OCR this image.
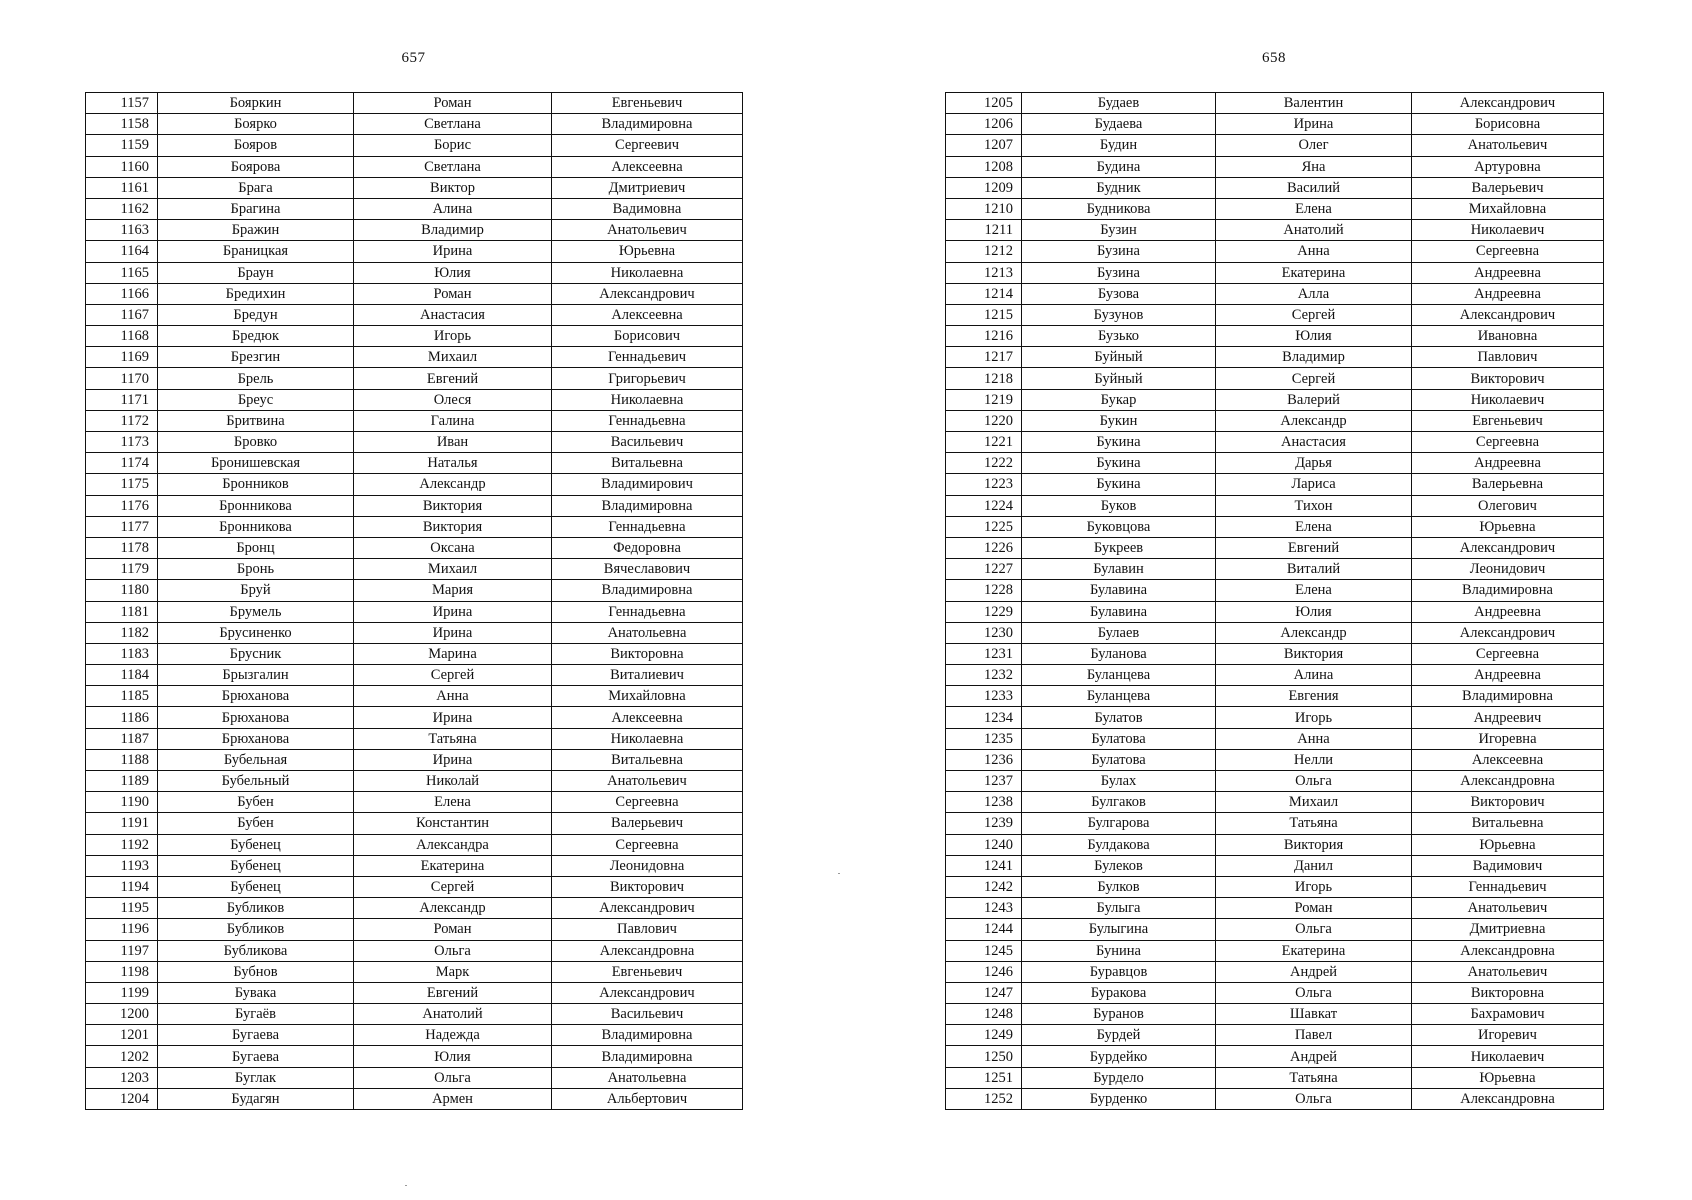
657
1157	Бояркин	Роман	Евгеньевич
1158	Боярко	Светлана	Владимировна
1159	Бояров	Борис	Сергеевич
1160	Боярова	Светлана	Алексеевна
1161	Брага	Виктор	Дмитриевич
1162	Брагина	Алина	Вадимовна
1163	Бражин	Владимир	Анатольевич
1164	Браницкая	Ирина	Юрьевна
1165	Браун	Юлия	Николаевна
1166	Бредихин	Роман	Александрович
1167	Бредун	Анастасия	Алексеевна
1168	Бредюк	Игорь	Борисович
1169	Брезгин	Михаил	Геннадьевич
1170	Брель	Евгений	Григорьевич
1171	Бреус	Олеся	Николаевна
1172	Бритвина	Галина	Геннадьевна
1173	Бровко	Иван	Васильевич
1174	Бронишевская	Наталья	Витальевна
1175	Бронников	Александр	Владимирович
1176	Бронникова	Виктория	Владимировна
1177	Бронникова	Виктория	Геннадьевна
1178	Бронц	Оксана	Федоровна
1179	Бронь	Михаил	Вячеславович
1180	Бруй	Мария	Владимировна
1181	Брумель	Ирина	Геннадьевна
1182	Брусиненко	Ирина	Анатольевна
1183	Брусник	Марина	Викторовна
1184	Брызгалин	Сергей	Виталиевич
1185	Брюханова	Анна	Михайловна
1186	Брюханова	Ирина	Алексеевна
1187	Брюханова	Татьяна	Николаевна
1188	Бубельная	Ирина	Витальевна
1189	Бубельный	Николай	Анатольевич
1190	Бубен	Елена	Сергеевна
1191	Бубен	Константин	Валерьевич
1192	Бубенец	Александра	Сергеевна
1193	Бубенец	Екатерина	Леонидовна
1194	Бубенец	Сергей	Викторович
1195	Бубликов	Александр	Александрович
1196	Бубликов	Роман	Павлович
1197	Бубликова	Ольга	Александровна
1198	Бубнов	Марк	Евгеньевич
1199	Бувака	Евгений	Александрович
1200	Бугаёв	Анатолий	Васильевич
1201	Бугаева	Надежда	Владимировна
1202	Бугаева	Юлия	Владимировна
1203	Буглак	Ольга	Анатольевна
1204	Будагян	Армен	Альбертович
658
1205	Будаев	Валентин	Александрович
1206	Будаева	Ирина	Борисовна
1207	Будин	Олег	Анатольевич
1208	Будина	Яна	Артуровна
1209	Будник	Василий	Валерьевич
1210	Будникова	Елена	Михайловна
1211	Бузин	Анатолий	Николаевич
1212	Бузина	Анна	Сергеевна
1213	Бузина	Екатерина	Андреевна
1214	Бузова	Алла	Андреевна
1215	Бузунов	Сергей	Александрович
1216	Бузько	Юлия	Ивановна
1217	Буйный	Владимир	Павлович
1218	Буйный	Сергей	Викторович
1219	Букар	Валерий	Николаевич
1220	Букин	Александр	Евгеньевич
1221	Букина	Анастасия	Сергеевна
1222	Букина	Дарья	Андреевна
1223	Букина	Лариса	Валерьевна
1224	Буков	Тихон	Олегович
1225	Буковцова	Елена	Юрьевна
1226	Букреев	Евгений	Александрович
1227	Булавин	Виталий	Леонидович
1228	Булавина	Елена	Владимировна
1229	Булавина	Юлия	Андреевна
1230	Булаев	Александр	Александрович
1231	Буланова	Виктория	Сергеевна
1232	Буланцева	Алина	Андреевна
1233	Буланцева	Евгения	Владимировна
1234	Булатов	Игорь	Андреевич
1235	Булатова	Анна	Игоревна
1236	Булатова	Нелли	Алексеевна
1237	Булах	Ольга	Александровна
1238	Булгаков	Михаил	Викторович
1239	Булгарова	Татьяна	Витальевна
1240	Булдакова	Виктория	Юрьевна
1241	Булеков	Данил	Вадимович
1242	Булков	Игорь	Геннадьевич
1243	Булыга	Роман	Анатольевич
1244	Булыгина	Ольга	Дмитриевна
1245	Бунина	Екатерина	Александровна
1246	Буравцов	Андрей	Анатольевич
1247	Буракова	Ольга	Викторовна
1248	Буранов	Шавкат	Бахрамович
1249	Бурдей	Павел	Игоревич
1250	Бурдейко	Андрей	Николаевич
1251	Бурдело	Татьяна	Юрьевна
1252	Бурденко	Ольга	Александровна
